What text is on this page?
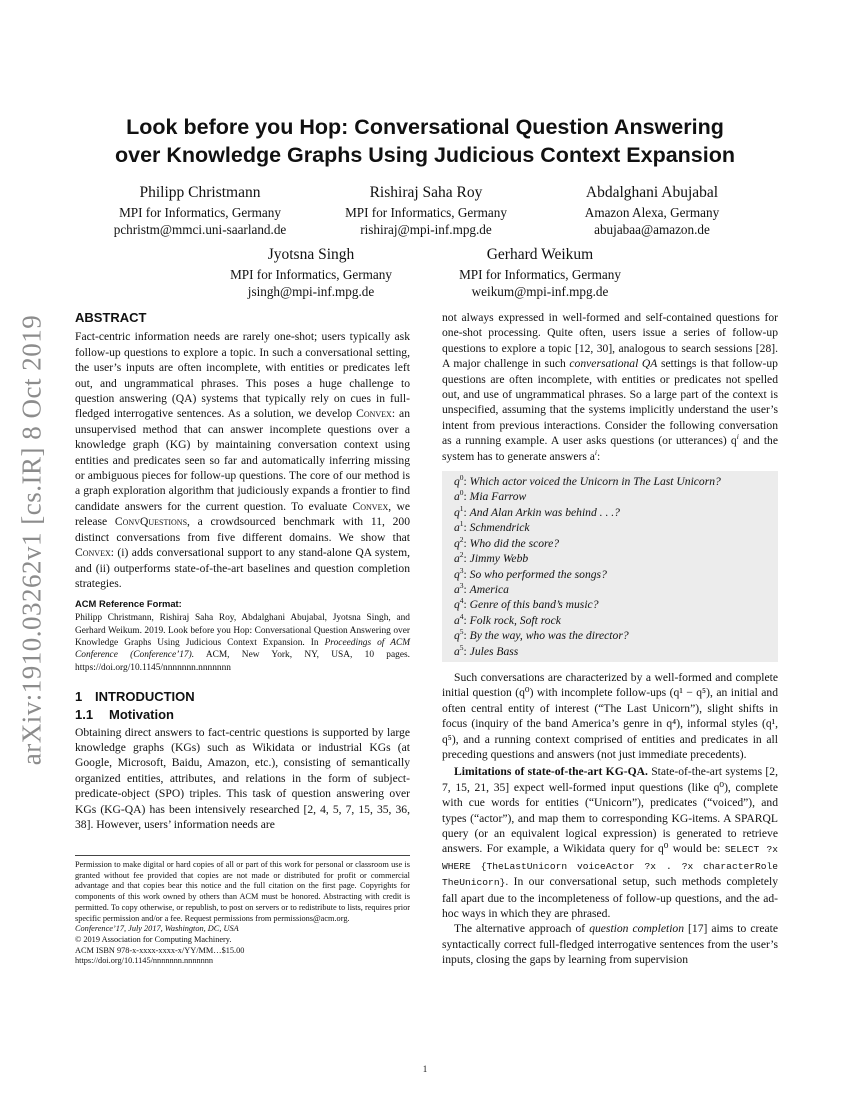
arXiv:1910.03262v1 [cs.IR] 8 Oct 2019
Look before you Hop: Conversational Question Answering
over Knowledge Graphs Using Judicious Context Expansion
Philipp Christmann
MPI for Informatics, Germany
pchristm@mmci.uni-saarland.de
Rishiraj Saha Roy
MPI for Informatics, Germany
rishiraj@mpi-inf.mpg.de
Abdalghani Abujabal
Amazon Alexa, Germany
abujabaa@amazon.de
Jyotsna Singh
MPI for Informatics, Germany
jsingh@mpi-inf.mpg.de
Gerhard Weikum
MPI for Informatics, Germany
weikum@mpi-inf.mpg.de
ABSTRACT

Fact-centric information needs are rarely one-shot; users typically ask follow-up questions to explore a topic. In such a conversational setting, the user’s inputs are often incomplete, with entities or predicates left out, and ungrammatical phrases. This poses a huge challenge to question answering (QA) systems that typically rely on cues in full-fledged interrogative sentences. As a solution, we develop Convex: an unsupervised method that can answer incomplete questions over a knowledge graph (KG) by maintaining conversation context using entities and predicates seen so far and automatically inferring missing or ambiguous pieces for follow-up questions. The core of our method is a graph exploration algorithm that judiciously expands a frontier to find candidate answers for the current question. To evaluate Convex, we release ConvQuestions, a crowdsourced benchmark with 11, 200 distinct conversations from five different domains. We show that Convex: (i) adds conversational support to any stand-alone QA system, and (ii) outperforms state-of-the-art baselines and question completion strategies.

ACM Reference Format:

Philipp Christmann, Rishiraj Saha Roy, Abdalghani Abujabal, Jyotsna Singh, and Gerhard Weikum. 2019. Look before you Hop: Conversational Question Answering over Knowledge Graphs Using Judicious Context Expansion. In Proceedings of ACM Conference (Conference’17). ACM, New York, NY, USA, 10 pages. https://doi.org/10.1145/nnnnnnn.nnnnnnn

1 INTRODUCTION
1.1 Motivation

Obtaining direct answers to fact-centric questions is supported by large knowledge graphs (KGs) such as Wikidata or industrial KGs (at Google, Microsoft, Baidu, Amazon, etc.), consisting of semantically organized entities, attributes, and relations in the form of subject-predicate-object (SPO) triples. This task of question answering over KGs (KG-QA) has been intensively researched [2, 4, 5, 7, 15, 35, 36, 38]. However, users’ information needs are

Permission to make digital or hard copies of all or part of this work for personal or classroom use is granted without fee provided that copies are not made or distributed for profit or commercial advantage and that copies bear this notice and the full citation on the first page. Copyrights for components of this work owned by others than ACM must be honored. Abstracting with credit is permitted. To copy otherwise, or republish, to post on servers or to redistribute to lists, requires prior specific permission and/or a fee. Request permissions from permissions@acm.org.

Conference’17, July 2017, Washington, DC, USA

© 2019 Association for Computing Machinery.

ACM ISBN 978-x-xxxx-xxxx-x/YY/MM…$15.00

https://doi.org/10.1145/nnnnnnn.nnnnnnn

not always expressed in well-formed and self-contained questions for one-shot processing. Quite often, users issue a series of follow-up questions to explore a topic [12, 30], analogous to search sessions [28]. A major challenge in such conversational QA settings is that follow-up questions are often incomplete, with entities or predicates not spelled out, and use of ungrammatical phrases. So a large part of the context is unspecified, assuming that the systems implicitly understand the user’s intent from previous interactions. Consider the following conversation as a running example. A user asks questions (or utterances) $q^i$ and the system has to generate answers $a^i$:

$q^0$: Which actor voiced the Unicorn in The Last Unicorn?
$a^0$: Mia Farrow
$q^1$: And Alan Arkin was behind . . .?
$a^1$: Schmendrick
$q^2$: Who did the score?
$a^2$: Jimmy Webb
$q^3$: So who performed the songs?
$a^3$: America
$q^4$: Genre of this band’s music?
$a^4$: Folk rock, Soft rock
$q^5$: By the way, who was the director?
$a^5$: Jules Bass

Such conversations are characterized by a well-formed and complete initial question (q⁰) with incomplete follow-ups (q¹ − q⁵), an initial and often central entity of interest (“The Last Unicorn”), slight shifts in focus (inquiry of the band America’s genre in q⁴), informal styles (q¹, q⁵), and a running context comprised of entities and predicates in all preceding questions and answers (not just immediate precedents).

Limitations of state-of-the-art KG-QA. State-of-the-art systems [2, 7, 15, 21, 35] expect well-formed input questions (like q⁰), complete with cue words for entities (“Unicorn”), predicates (“voiced”), and types (“actor”), and map them to corresponding KG-items. A SPARQL query (or an equivalent logical expression) is generated to retrieve answers. For example, a Wikidata query for q⁰ would be: SELECT ?x WHERE {TheLastUnicorn voiceActor ?x . ?x characterRole TheUnicorn}. In our conversational setup, such methods completely fall apart due to the incompleteness of follow-up questions, and the ad-hoc ways in which they are phrased.

The alternative approach of question completion [17] aims to create syntactically correct full-fledged interrogative sentences from the user’s inputs, closing the gaps by learning from supervision

1
